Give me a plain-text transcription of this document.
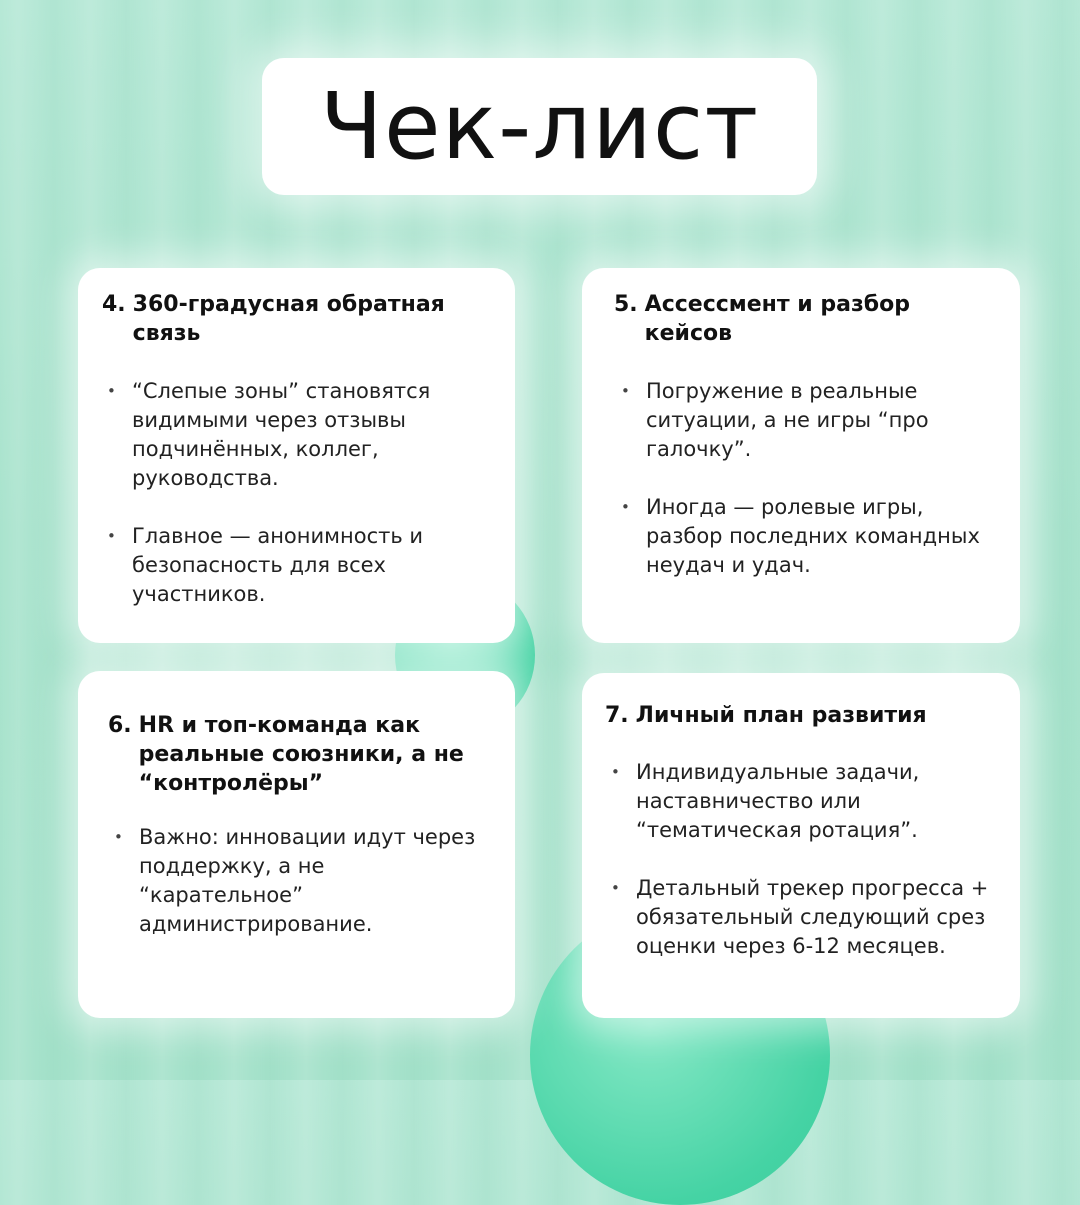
Чек-лист
4. 360-градусная обратная связь
• “Слепые зоны” становятся видимыми через отзывы подчинённых, коллег, руководства.
• Главное — анонимность и безопасность для всех участников.
5. Ассессмент и разбор кейсов
• Погружение в реальные ситуации, а не игры “про галочку”.
• Иногда — ролевые игры, разбор последних командных неудач и удач.
6. HR и топ-команда как реальные союзники, а не “контролёры”
• Важно: инновации идут через поддержку, а не “карательное” администрирование.
7. Личный план развития
• Индивидуальные задачи, наставничество или “тематическая ротация”.
• Детальный трекер прогресса + обязательный следующий срез оценки через 6-12 месяцев.
